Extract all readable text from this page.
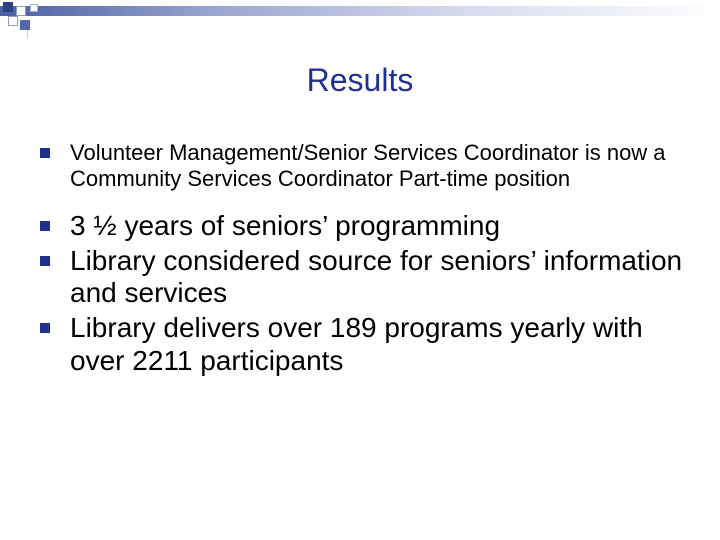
Results
Volunteer Management/Senior Services Coordinator is now a Community Services Coordinator Part-time position
3 ½ years of seniors’ programming
Library considered source for seniors’ information and services
Library delivers over 189 programs yearly with over 2211 participants
